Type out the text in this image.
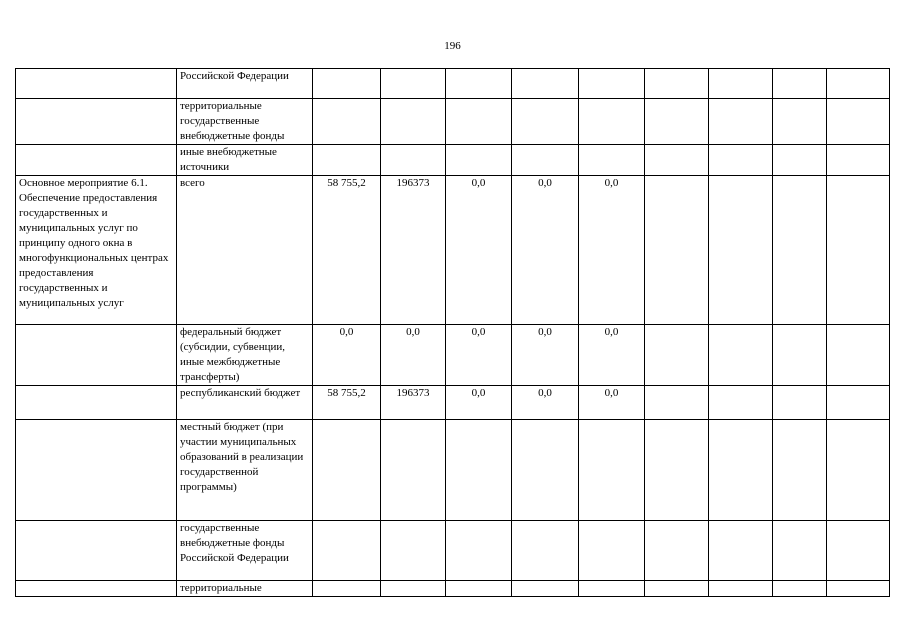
196
	Российской Федерации									
	территориальные государственные внебюджетные фонды									
	иные внебюджетные источники									
Основное мероприятие 6.1. Обеспечение предоставления государственных и муниципальных услуг по принципу одного окна в многофункциональных центрах предоставления государственных и муниципальных услуг	всего	58 755,2	196373	0,0	0,0	0,0				
	федеральный бюджет (субсидии, субвенции, иные межбюджетные трансферты)	0,0	0,0	0,0	0,0	0,0				
	республиканский бюджет	58 755,2	196373	0,0	0,0	0,0				
	местный бюджет (при участии муниципальных образований в реализации государственной программы)									
	государственные внебюджетные фонды Российской Федерации									
	территориальные									
